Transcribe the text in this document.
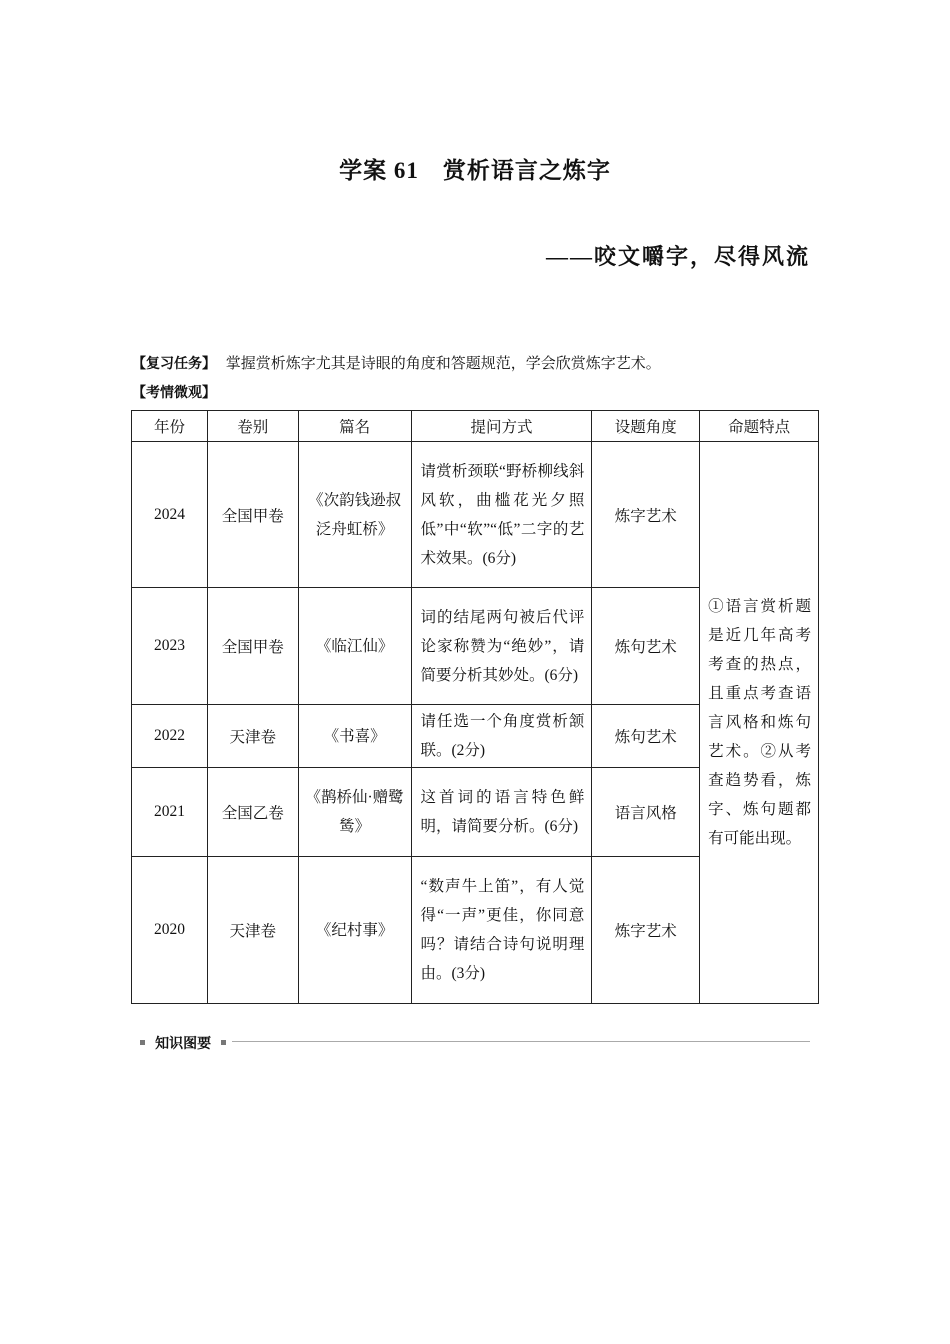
学案 61　赏析语言之炼字
——咬文嚼字，尽得风流
【复习任务】 掌握赏析炼字尤其是诗眼的角度和答题规范，学会欣赏炼字艺术。
【考情微观】
年份	卷别	篇名	提问方式	设题角度	命题特点
2024	全国甲卷	《次韵钱逊叔泛舟虹桥》	请赏析颈联“野桥柳线斜风软，曲槛花光夕照低”中“软”“低”二字的艺术效果。(6分)	炼字艺术	①语言赏析题是近几年高考考查的热点，且重点考查语言风格和炼句艺术。②从考查趋势看，炼字、炼句题都有可能出现。
2023	全国甲卷	《临江仙》	词的结尾两句被后代评论家称赞为“绝妙”，请简要分析其妙处。(6分)	炼句艺术	
2022	天津卷	《书喜》	请任选一个角度赏析颔联。(2分)	炼句艺术	
2021	全国乙卷	《鹊桥仙·赠鹭鸶》	这首词的语言特色鲜明，请简要分析。(6分)	语言风格	
2020	天津卷	《纪村事》	“数声牛上笛”，有人觉得“一声”更佳，你同意吗？请结合诗句说明理由。(3分)	炼字艺术	
知识图要
